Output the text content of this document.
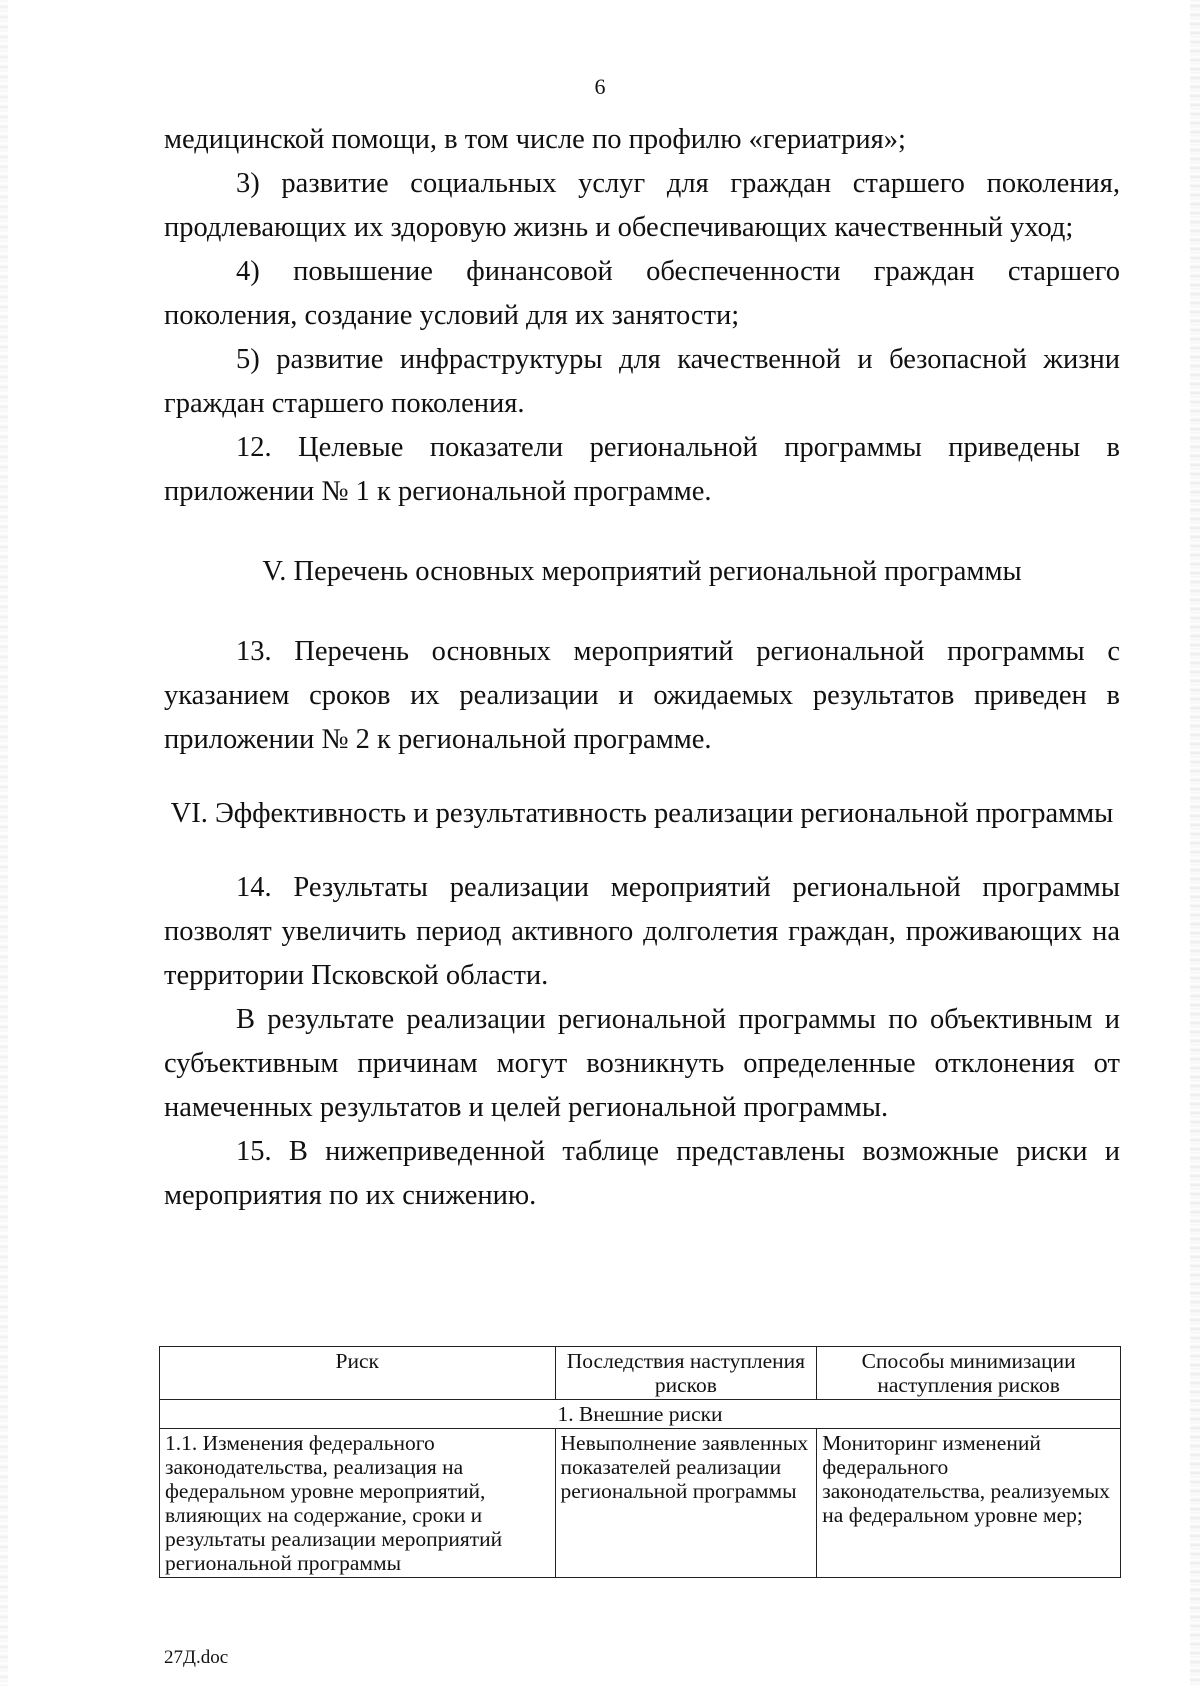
6

медицинской помощи, в том числе по профилю «гериатрия»;

3) развитие социальных услуг для граждан старшего поколения, продлевающих их здоровую жизнь и обеспечивающих качественный уход;

4) повышение финансовой обеспеченности граждан старшего поколения, создание условий для их занятости;

5) развитие инфраструктуры для качественной и безопасной жизни граждан старшего поколения.

12. Целевые показатели региональной программы приведены в приложении № 1 к региональной программе.

V. Перечень основных мероприятий региональной программы

13. Перечень основных мероприятий региональной программы с указанием сроков их реализации и ожидаемых результатов приведен в приложении № 2 к региональной программе.

VI. Эффективность и результативность реализации региональной программы

14. Результаты реализации мероприятий региональной программы позволят увеличить период активного долголетия граждан, проживающих на территории Псковской области.

В результате реализации региональной программы по объективным и субъективным причинам могут возникнуть определенные отклонения от намеченных результатов и целей региональной программы.

15. В нижеприведенной таблице представлены возможные риски и мероприятия по их снижению.

Риск	Последствия наступления рисков	Способы минимизации наступления рисков
1. Внешние риски		
1.1. Изменения федерального законодательства, реализация на федеральном уровне мероприятий, влияющих на содержание, сроки и результаты реализации мероприятий региональной программы	Невыполнение заявленных показателей реализации региональной программы	Мониторинг изменений федерального законодательства, реализуемых на федеральном уровне мер;
27Д.doc
